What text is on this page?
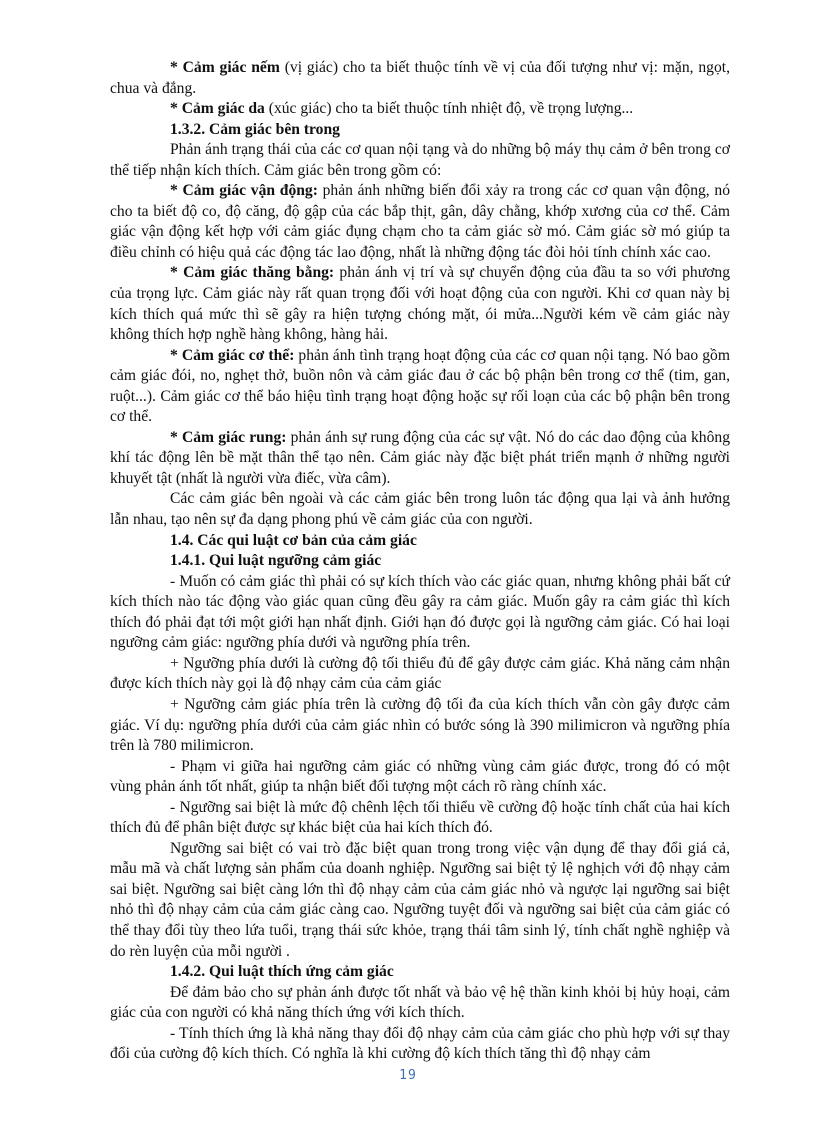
* Cảm giác nếm (vị giác) cho ta biết thuộc tính về vị của đối tượng như vị: mặn, ngọt, chua và đắng.

* Cảm giác da (xúc giác) cho ta biết thuộc tính nhiệt độ, về trọng lượng...

1.3.2. Cảm giác bên trong

Phản ánh trạng thái của các cơ quan nội tạng và do những bộ máy thụ cảm ở bên trong cơ thể tiếp nhận kích thích. Cảm giác bên trong gồm có:

* Cảm giác vận động: phản ánh những biến đổi xảy ra trong các cơ quan vận động, nó cho ta biết độ co, độ căng, độ gập của các bắp thịt, gân, dây chằng, khớp xương của cơ thể. Cảm giác vận động kết hợp với cảm giác đụng chạm cho ta cảm giác sờ mó. Cảm giác sờ mó giúp ta điều chỉnh có hiệu quả các động tác lao động, nhất là những động tác đòi hỏi tính chính xác cao.

* Cảm giác thăng bằng: phản ánh vị trí và sự chuyển động của đầu ta so với phương của trọng lực. Cảm giác này rất quan trọng đối với hoạt động của con người. Khi cơ quan này bị kích thích quá mức thì sẽ gây ra hiện tượng chóng mặt, ói mửa...Người kém về cảm giác này không thích hợp nghề hàng không, hàng hải.

* Cảm giác cơ thể: phản ánh tình trạng hoạt động của các cơ quan nội tạng. Nó bao gồm cảm giác đói, no, nghẹt thở, buồn nôn và cảm giác đau ở các bộ phận bên trong cơ thể (tim, gan, ruột...). Cảm giác cơ thể báo hiệu tình trạng hoạt động hoặc sự rối loạn của các bộ phận bên trong cơ thể.

* Cảm giác rung: phản ánh sự rung động của các sự vật. Nó do các dao động của không khí tác động lên bề mặt thân thể tạo nên. Cảm giác này đặc biệt phát triển mạnh ở những người khuyết tật (nhất là người vừa điếc, vừa câm).

Các cảm giác bên ngoài và các cảm giác bên trong luôn tác động qua lại và ảnh hưởng lẫn nhau, tạo nên sự đa dạng phong phú về cảm giác của con người.

1.4. Các qui luật cơ bản của cảm giác
1.4.1. Qui luật ngưỡng cảm giác

- Muốn có cảm giác thì phải có sự kích thích vào các giác quan, nhưng không phải bất cứ kích thích nào tác động vào giác quan cũng đều gây ra cảm giác. Muốn gây ra cảm giác thì kích thích đó phải đạt tới một giới hạn nhất định. Giới hạn đó được gọi là ngưỡng cảm giác. Có hai loại ngưỡng cảm giác: ngưỡng phía dưới và ngưỡng phía trên.

+ Ngưỡng phía dưới là cường độ tối thiểu đủ để gây được cảm giác. Khả năng cảm nhận được kích thích này gọi là độ nhạy cảm của cảm giác

+ Ngưỡng cảm giác phía trên là cường độ tối đa của kích thích vẫn còn gây được cảm giác. Ví dụ: ngưỡng phía dưới của cảm giác nhìn có bước sóng là 390 milimicron và ngưỡng phía trên là 780 milimicron.

- Phạm vi giữa hai ngưỡng cảm giác có những vùng cảm giác được, trong đó có một vùng phản ánh tốt nhất, giúp ta nhận biết đối tượng một cách rõ ràng chính xác.

- Ngưỡng sai biệt là mức độ chênh lệch tối thiểu về cường độ hoặc tính chất của hai kích thích đủ để phân biệt được sự khác biệt của hai kích thích đó.

Ngưỡng sai biệt có vai trò đặc biệt quan trong trong việc vận dụng để thay đổi giá cả, mẫu mã và chất lượng sản phẩm của doanh nghiệp. Ngưỡng sai biệt tỷ lệ nghịch với độ nhạy cảm sai biệt. Ngưỡng sai biệt càng lớn thì độ nhạy cảm của cảm giác nhỏ và ngược lại ngưỡng sai biệt nhỏ thì độ nhạy cảm của cảm giác càng cao. Ngưỡng tuyệt đối và ngưỡng sai biệt của cảm giác có thể thay đổi tùy theo lứa tuổi, trạng thái sức khỏe, trạng thái tâm sinh lý, tính chất nghề nghiệp và do rèn luyện của mỗi người .

1.4.2. Qui luật thích ứng cảm giác

Để đảm bảo cho sự phản ánh được tốt nhất và bảo vệ hệ thần kinh khỏi bị hủy hoại, cảm giác của con người có khả năng thích ứng với kích thích.

- Tính thích ứng là khả năng thay đổi độ nhạy cảm của cảm giác cho phù hợp với sự thay đổi của cường độ kích thích. Có nghĩa là khi cường độ kích thích tăng thì độ nhạy cảm

19
